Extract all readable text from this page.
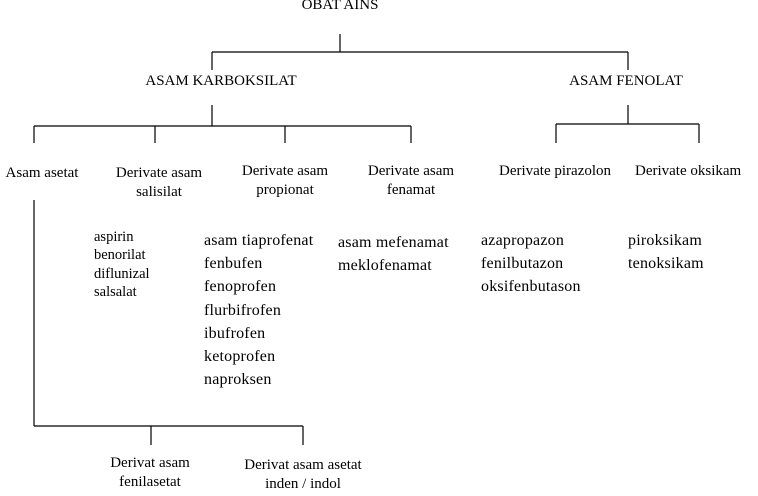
OBAT AINS
ASAM KARBOKSILAT	ASAM FENOLAT
Asam asetat Derivate asam
salisilat
Derivate asam
propionat
Derivate asam
fenamat
Derivate pirazolon Derivate oksikam
aspirin
benorilat
diflunizal
salsalat
asam tiaprofenat
fenbufen
fenoprofen
flurbifrofen
ibufrofen
ketoprofen
naproksen
asam mefenamat
meklofenamat
azapropazon
fenilbutazon
oksifenbutason
piroksikam
tenoksikam
Derivat asam
fenilasetat
Derivat asam asetat
inden / indol
